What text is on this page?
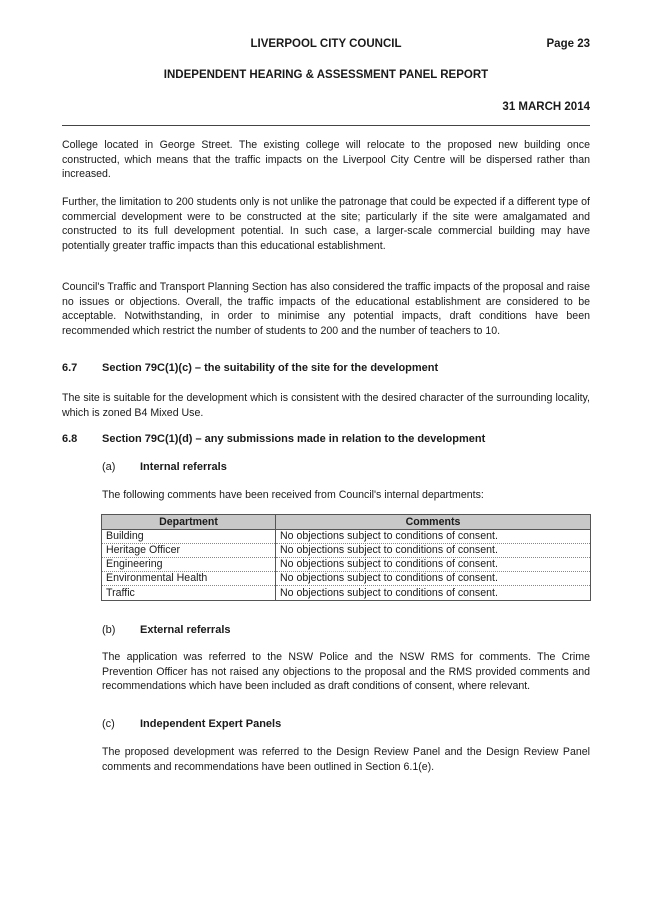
LIVERPOOL CITY COUNCIL	Page 23
INDEPENDENT HEARING & ASSESSMENT PANEL REPORT
31 MARCH 2014

College located in George Street. The existing college will relocate to the proposed new building once constructed, which means that the traffic impacts on the Liverpool City Centre will be dispersed rather than increased.

Further, the limitation to 200 students only is not unlike the patronage that could be expected if a different type of commercial development were to be constructed at the site; particularly if the site were amalgamated and constructed to its full development potential. In such case, a larger-scale commercial building may have potentially greater traffic impacts than this educational establishment.

Council's Traffic and Transport Planning Section has also considered the traffic impacts of the proposal and raise no issues or objections. Overall, the traffic impacts of the educational establishment are considered to be acceptable. Notwithstanding, in order to minimise any potential impacts, draft conditions have been recommended which restrict the number of students to 200 and the number of teachers to 10.

6.7 Section 79C(1)(c) – the suitability of the site for the development

The site is suitable for the development which is consistent with the desired character of the surrounding locality, which is zoned B4 Mixed Use.

6.8 Section 79C(1)(d) – any submissions made in relation to the development
(a) Internal referrals

The following comments have been received from Council's internal departments:

Department	Comments
Building	No objections subject to conditions of consent.
Heritage Officer	No objections subject to conditions of consent.
Engineering	No objections subject to conditions of consent.
Environmental Health	No objections subject to conditions of consent.
Traffic	No objections subject to conditions of consent.
(b) External referrals

The application was referred to the NSW Police and the NSW RMS for comments. The Crime Prevention Officer has not raised any objections to the proposal and the RMS provided comments and recommendations which have been included as draft conditions of consent, where relevant.

(c) Independent Expert Panels

The proposed development was referred to the Design Review Panel and the Design Review Panel comments and recommendations have been outlined in Section 6.1(e).
